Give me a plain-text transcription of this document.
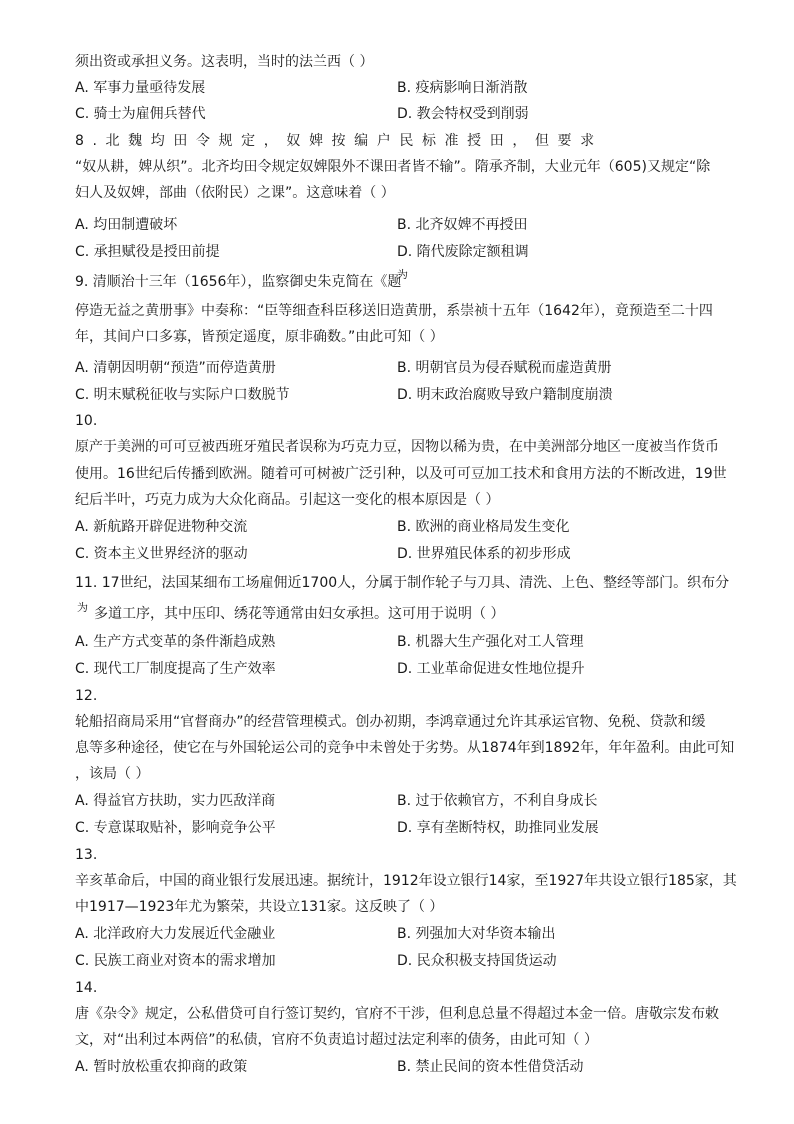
须出资或承担义务。这表明，当时的法兰西（ ）
A. 军事力量亟待发展	B. 疫病影响日渐消散
C. 骑士为雇佣兵替代	D. 教会特权受到削弱
8.北魏均田令规定，奴婢按编户民标准授田，但要求
“奴从耕，婢从织”。北齐均田令规定奴婢限外不课田者皆不输”。隋承齐制，大业元年（605)又规定“除
妇人及奴婢，部曲（依附民）之课”。这意味着（ ）
A. 均田制遭破坏	B. 北齐奴婢不再授田
C. 承担赋役是授田前提	D. 隋代废除定额租调
9. 清顺治十三年（1656年），监察御史朱克简在《题
为
停造无益之黄册事》中奏称：“臣等细查科臣移送旧造黄册，系崇祯十五年（1642年），竟预造至二十四
年，其间户口多寡，皆预定遥度，原非确数。”由此可知（ ）
A. 清朝因明朝“预造”而停造黄册	B. 明朝官员为侵吞赋税而虚造黄册
C. 明末赋税征收与实际户口数脱节	D. 明末政治腐败导致户籍制度崩溃
10.
原产于美洲的可可豆被西班牙殖民者误称为巧克力豆，因物以稀为贵，在中美洲部分地区一度被当作货币
使用。16世纪后传播到欧洲。随着可可树被广泛引种，以及可可豆加工技术和食用方法的不断改进，19世
纪后半叶，巧克力成为大众化商品。引起这一变化的根本原因是（ ）
A. 新航路开辟促进物种交流	B. 欧洲的商业格局发生变化
C. 资本主义世界经济的驱动	D. 世界殖民体系的初步形成
11. 17世纪，法国某细布工场雇佣近1700人，分属于制作轮子与刀具、清洗、上色、整经等部门。织布分
为 多道工序，其中压印、绣花等通常由妇女承担。这可用于说明（ ）
A. 生产方式变革的条件渐趋成熟	B. 机器大生产强化对工人管理
C. 现代工厂制度提高了生产效率	D. 工业革命促进女性地位提升
12.
轮船招商局采用“官督商办”的经营管理模式。创办初期，李鸿章通过允许其承运官物、免税、贷款和缓
息等多种途径，使它在与外国轮运公司的竞争中未曾处于劣势。从1874年到1892年，年年盈利。由此可知
，该局（ ）
A. 得益官方扶助，实力匹敌洋商	B. 过于依赖官方，不利自身成长
C. 专意谋取贴补，影响竞争公平	D. 享有垄断特权，助推同业发展
13.
辛亥革命后，中国的商业银行发展迅速。据统计，1912年设立银行14家，至1927年共设立银行185家，其
中1917—1923年尤为繁荣，共设立131家。这反映了（ ）
A. 北洋政府大力发展近代金融业	B. 列强加大对华资本输出
C. 民族工商业对资本的需求增加	D. 民众积极支持国货运动
14.
唐《杂令》规定，公私借贷可自行签订契约，官府不干涉，但利息总量不得超过本金一倍。唐敬宗发布敕
文，对“出利过本两倍”的私债，官府不负责追讨超过法定利率的债务，由此可知（ ）
A. 暂时放松重农抑商的政策	B. 禁止民间的资本性借贷活动
